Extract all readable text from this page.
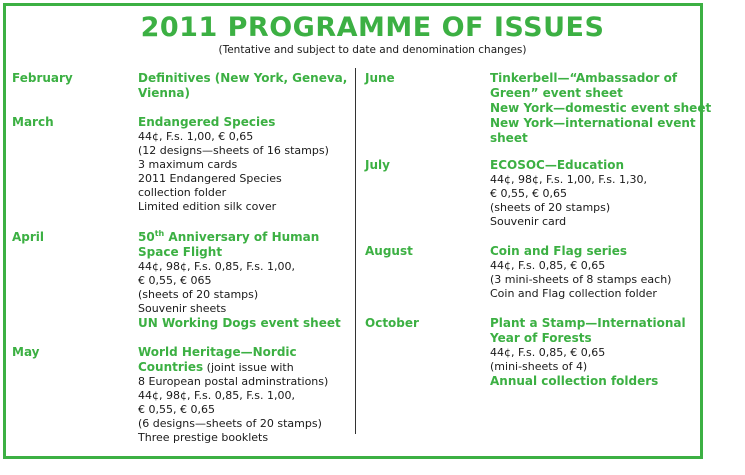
2011 PROGRAMME OF ISSUES
(Tentative and subject to date and denomination changes)
February	Definitives (New York, Geneva,
Vienna)
March	Endangered Species
44¢, F.s. 1,00, € 0,65
(12 designs—sheets of 16 stamps)
3 maximum cards
2011 Endangered Species
collection folder
Limited edition silk cover
April	50th Anniversary of Human
Space Flight
44¢, 98¢, F.s. 0,85, F.s. 1,00,
€ 0,55, € 065
(sheets of 20 stamps)
Souvenir sheets
UN Working Dogs event sheet
May	World Heritage—Nordic
Countries (joint issue with
8 European postal adminstrations)
44¢, 98¢, F.s. 0,85, F.s. 1,00,
€ 0,55, € 0,65
(6 designs—sheets of 20 stamps)
Three prestige booklets
June	Tinkerbell—“Ambassador of
Green” event sheet
New York—domestic event sheet
New York—international event
sheet
July	ECOSOC—Education
44¢, 98¢, F.s. 1,00, F.s. 1,30,
€ 0,55, € 0,65
(sheets of 20 stamps)
Souvenir card
August	Coin and Flag series
44¢, F.s. 0,85, € 0,65
(3 mini-sheets of 8 stamps each)
Coin and Flag collection folder
October	Plant a Stamp—International
Year of Forests
44¢, F.s. 0,85, € 0,65
(mini-sheets of 4)
Annual collection folders
